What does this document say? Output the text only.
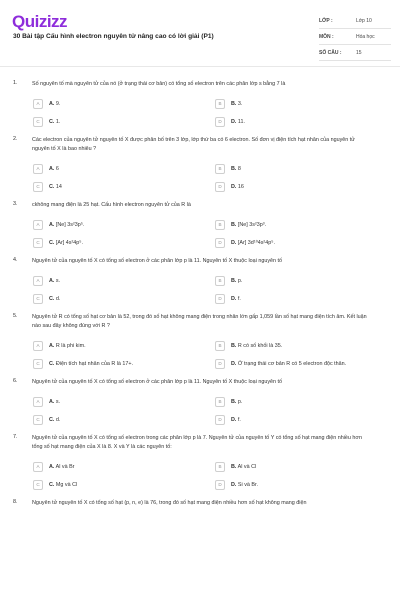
Quizizz
30 Bài tập Cấu hình electron nguyên tử nâng cao có lời giải (P1)
LỚP :	Lớp 10
MÔN :	Hóa học
SỐ CÂU :	15
1.	Số nguyên tố mà nguyên tử của nó (ở trạng thái cơ bản) có tổng số electron trên các phân lớp s bằng 7 là
A	A. 9.	B	B. 3.
C	C. 1.	D	D. 11.
2.	Các electron của nguyên tử nguyên tố X được phân bố trên 3 lớp, lớp thứ ba có 6 electron. Số đơn vị điện tích hạt nhân của nguyên tử nguyên tố X là bao nhiêu ?
A	A. 6	B	B. 8
C	C. 14	D	D. 16
3.	ckhông mang điện là 25 hạt. Cấu hình electron nguyên tử của R là
A	A. [Ne] 3s²3p⁵.	B	B. [Ne] 3s²3p³.
C	C. [Ar] 4s²4p⁵.	D	D. [Ar] 3d¹⁰4s²4p⁵.
4.	Nguyên tử của nguyên tố X có tổng số electron ở các phân lớp p là 11. Nguyên tố X thuộc loại nguyên tố
A	A. s.	B	B. p.
C	C. d.	D	D. f.
5.	Nguyên tử R có tổng số hạt cơ bản là 52, trong đó số hạt không mang điện trong nhân lớn gấp 1,059 lần số hạt mang điện tích âm. Kết luận nào sau đây không đúng với R ?
A	A. R là phi kim.	B	B. R có số khối là 35.
C	C. Điện tích hạt nhân của R là 17+.	D	D. Ở trạng thái cơ bản R có 5 electron độc thân.
6.	Nguyên tử của nguyên tố X có tổng số electron ở các phân lớp p là 11. Nguyên tố X thuộc loại nguyên tố
A	A. s.	B	B. p.
C	C. d.	D	D. f.
7.	Nguyên tử của nguyên tố X có tổng số electron trong các phân lớp p là 7. Nguyên tử của nguyên tố Y có tổng số hạt mang điện nhiều hơn tổng số hạt mang điện của X là 8. X và Y là các nguyên tố:
A	A. Al và Br	B	B. Al và Cl
C	C. Mg và Cl	D	D. Si và Br.
8.	Nguyên tử nguyên tố X có tổng số hạt (p, n, e) là 76, trong đó số hạt mang điện nhiều hơn số hạt không mang điện
